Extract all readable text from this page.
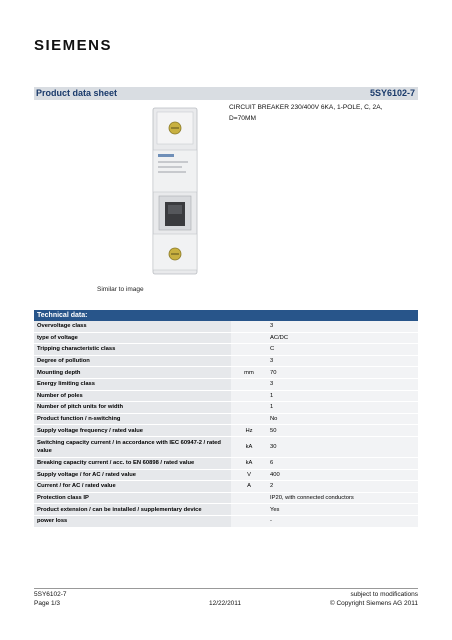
SIEMENS
Product data sheet	5SY6102-7
CIRCUIT BREAKER 230/400V 6KA, 1-POLE, C, 2A, D=70MM
Similar to image
Technical data:
Overvoltage class		3
type of voltage		AC/DC
Tripping characteristic class		C
Degree of pollution		3
Mounting depth	mm	70
Energy limiting class		3
Number of poles		1
Number of pitch units for width		1
Product function / n-switching		No
Supply voltage frequency / rated value	Hz	50
Switching capacity current / in accordance with IEC 60947-2 / rated value	kA	30
Breaking capacity current / acc. to EN 60898 / rated value	kA	6
Supply voltage / for AC / rated value	V	400
Current / for AC / rated value	A	2
Protection class IP		IP20, with connected conductors
Product extension / can be installed / supplementary device		Yes
power loss		-
5SY6102-7
Page 1/3	12/22/2011
subject to modifications
© Copyright Siemens AG 2011
